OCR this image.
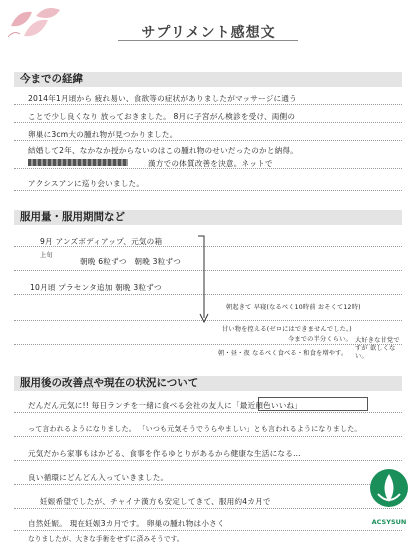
サプリメント感想文
今までの経緯
2014年1月頃から 疲れ易い、食欲等の症状がありましたがマッサージに通う
ことで少し良くなり 放っておきました。 8月に子宮がん検診を受け、両側の
卵巣に3cm大の腫れ物が見つかりました。
結婚して2年、なかなか授からないのはこの腫れ物のせいだったのかと納得。
漢方での体質改善を決意。ネットで
アクシスアンに巡り会いました。
服用量・服用期間など
9月 アンズボディアップ、元気の箱
上旬
朝晩 6粒ずつ　朝晩 3粒ずつ
10月頃 プラセンタ追加 朝晩 3粒ずつ
朝起きて 早寝(なるべく10時前 おそくて12時)
甘い物を控える(ゼロにはできませんでした。)
今までの半分くらい。
朝・昼・夜 なるべく食べる・和食を増やす。
大好きな甘党ですが 欲しくない。
服用後の改善点や現在の状況について
だんだん元気に!! 毎日ランチを一緒に食べる会社の友人に「最近顔色いいね」
って言われるようになりました。 「いつも元気そうでうらやましい」とも言われるようになりました。
元気だから家事もはかどる、食事を作るゆとりがあるから健康な生活になる…
良い循環にどんどん入っていきました。
妊娠希望でしたが、チャイナ漢方も安定してきて、服用約4カ月で
自然妊娠。 現在妊娠3カ月です。 卵巣の腫れ物は小さく
なりましたが、大きな手術をせずに済みそうです。
ACSYSUN
